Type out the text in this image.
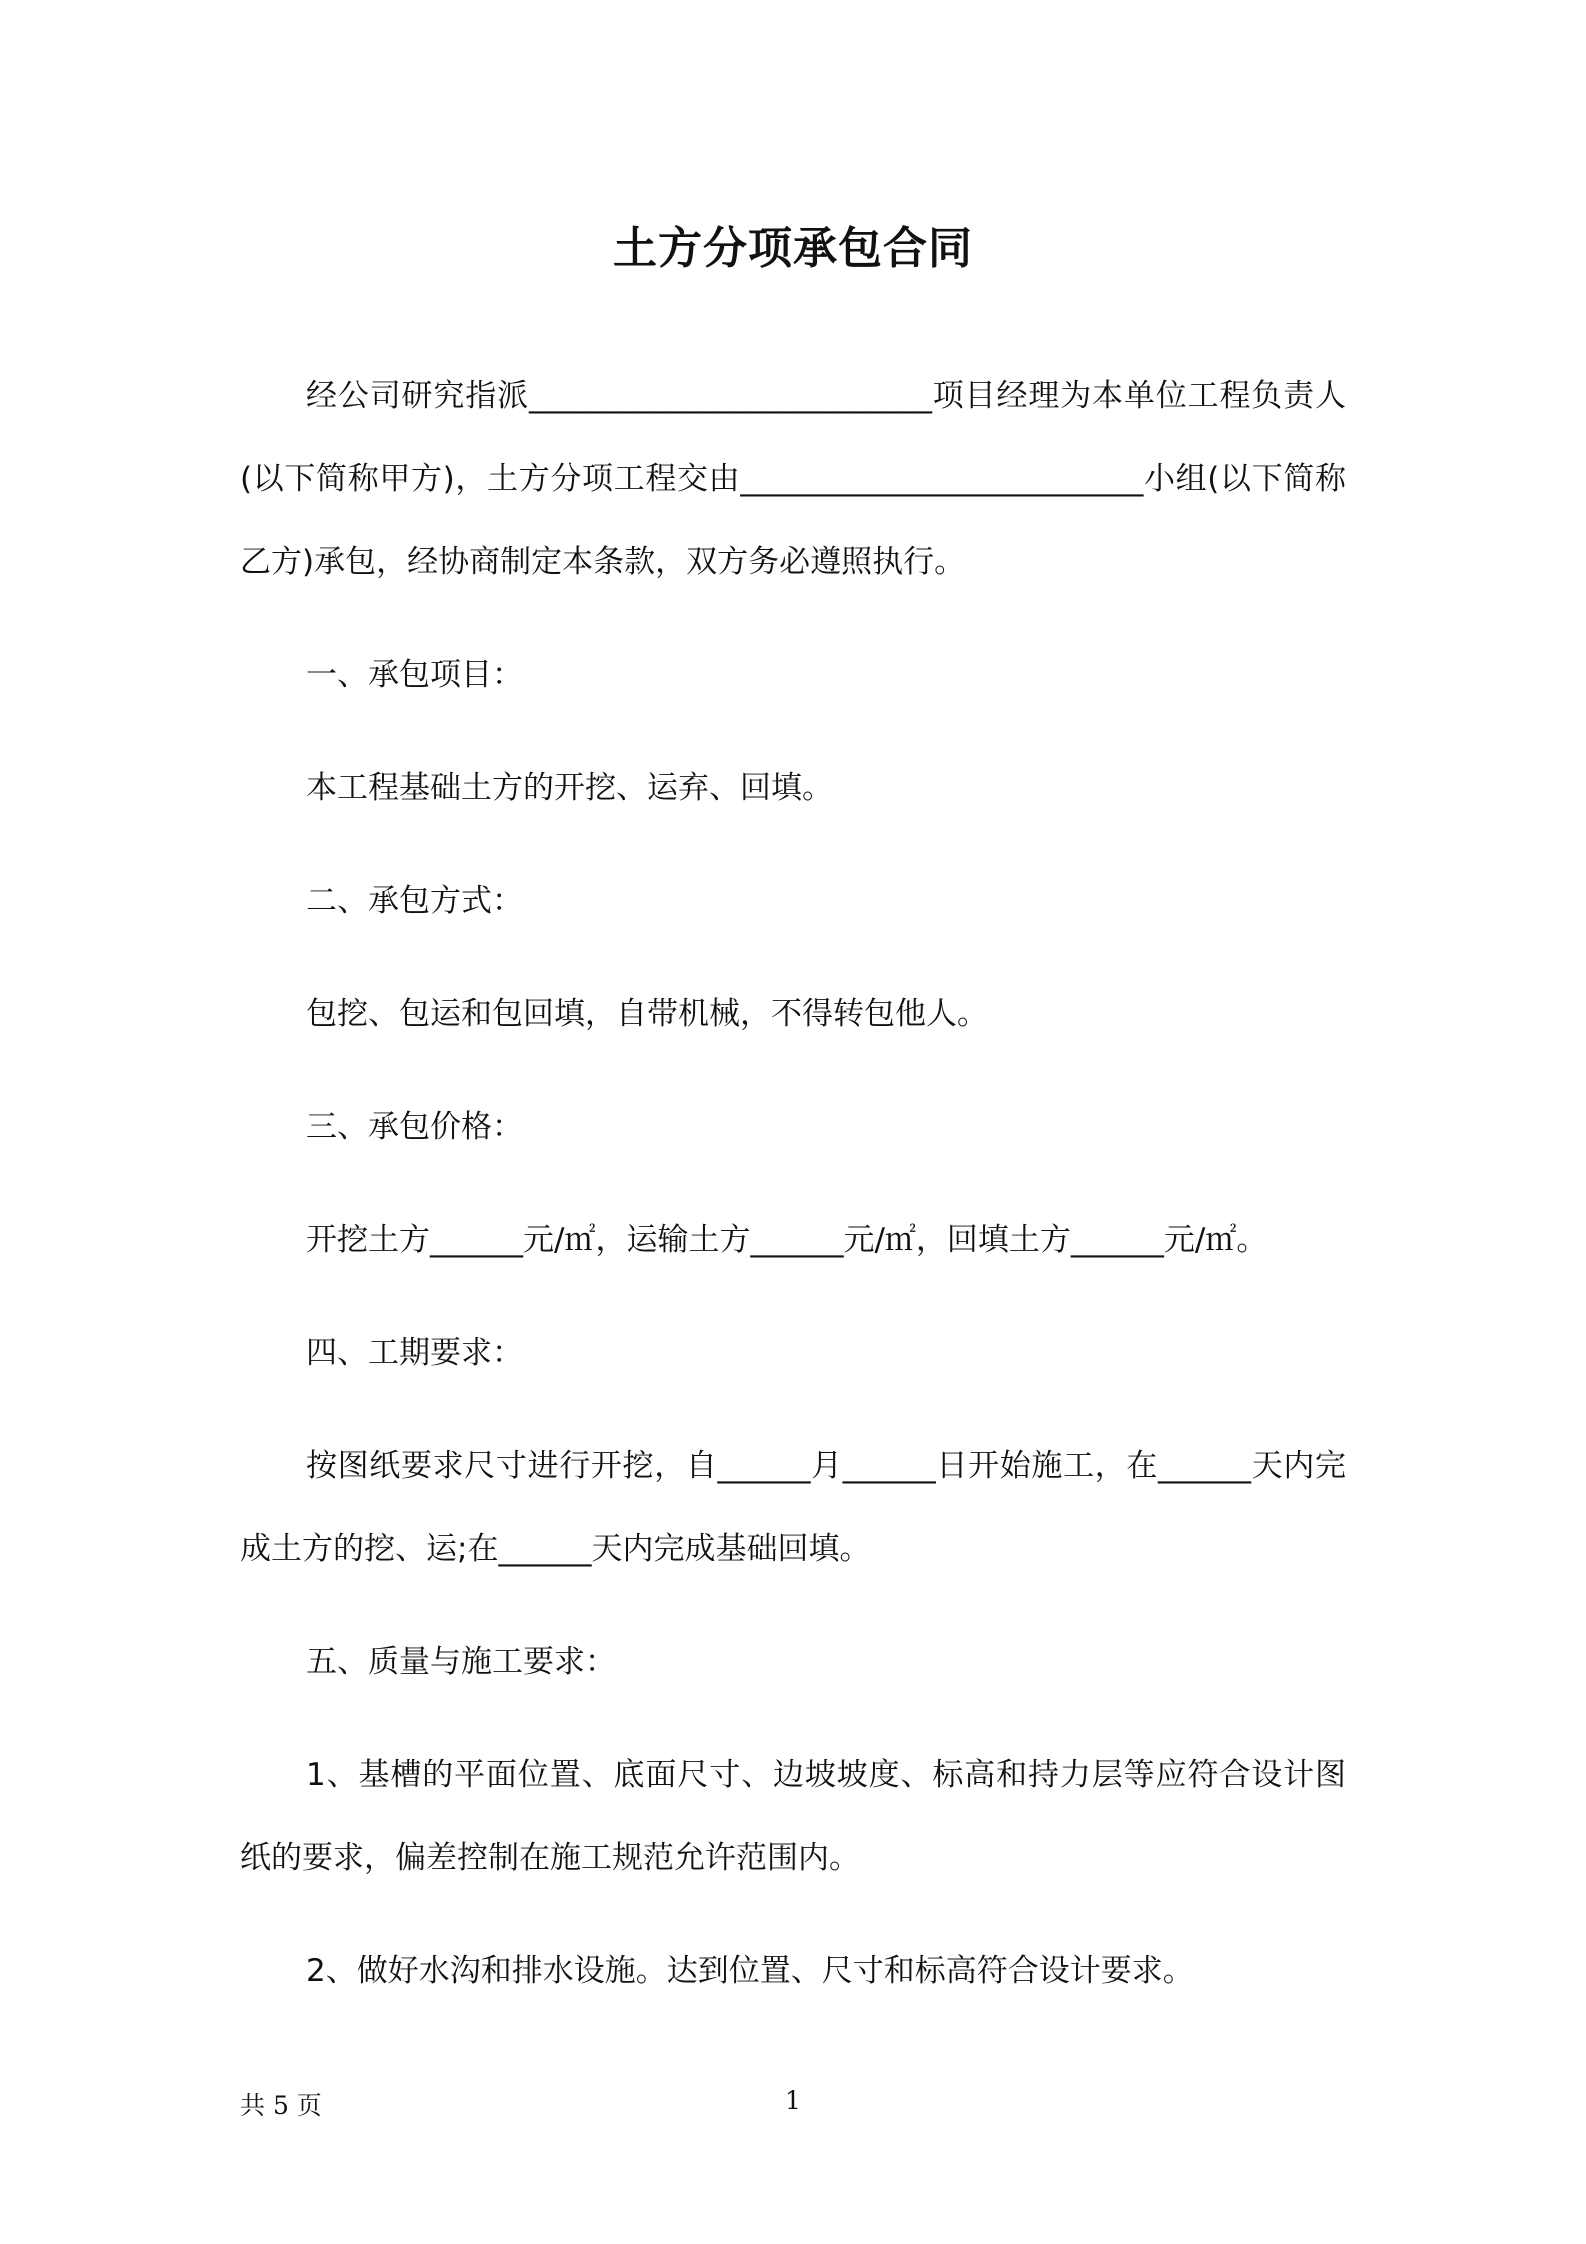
土方分项承包合同

经公司研究指派__________________________项目经理为本单位工程负责人(以下简称甲方)，土方分项工程交由__________________________小组(以下简称乙方)承包，经协商制定本条款，双方务必遵照执行。

一、承包项目：

本工程基础土方的开挖、运弃、回填。

二、承包方式：

包挖、包运和包回填，自带机械，不得转包他人。

三、承包价格：

开挖土方______元/㎡，运输土方______元/㎡，回填土方______元/㎡。

四、工期要求：

按图纸要求尺寸进行开挖，自______月______日开始施工，在______天内完成土方的挖、运;在______天内完成基础回填。

五、质量与施工要求：

1、基槽的平面位置、底面尺寸、边坡坡度、标高和持力层等应符合设计图纸的要求，偏差控制在施工规范允许范围内。

2、做好水沟和排水设施。达到位置、尺寸和标高符合设计要求。

共 5 页	1
